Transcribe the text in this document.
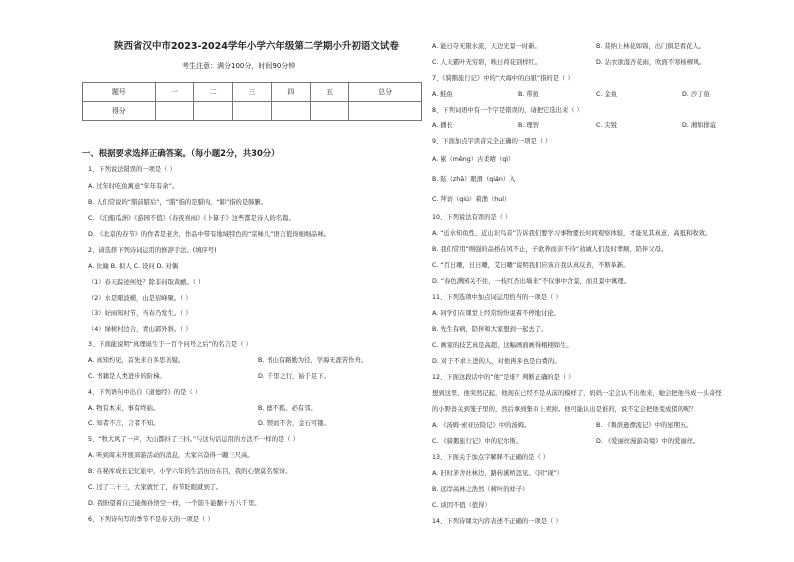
陕西省汉中市2023-2024学年小学六年级第二学期小升初语文试卷
考生注意：满分100分，时间90分钟
题号	一	二	三	四	五	总分
得分						
一、根据要求选择正确答案。（每小题2分，共30分）
1、下列说法错误的一项是（ ）
A. 过年时吃鱼寓意“年年有余”。
B. 人们常说的“腊前腊后”，“腊”指的是腊肉，“肺”指的是肺腑。
C. 《泊船瓜洲》《游园不值》《春夜喜雨》《卜算子》这些都是诗人的名篇。
D. 《北京的春节》的作者是老舍，作品中带有地域特色的“京味儿”语言值得细细品味。
2、请选择下列诗词运用的修辞手法。(填序号)
A. 比喻 B. 拟人 C. 设问 D. 对偶
（1）春天踪迹何处？除非问取黄鹂。（ ）
（2）水是眼波横，山是眉峰聚。（ ）
（3）好雨知时节，当春乃发生。（ ）
（4）绿树村边合，青山郭外斜。（ ）
3、下面能说明“真理诞生于一百个问号之后”的名言是（ ）
A. 真知灼见，首先来自多思善疑。	B. 书山有路勤为径，学海无涯苦作舟。
C. 书籍是人类进步的阶梯。	D. 千里之行，始于足下。
4、下列语句中出自《道德经》的是（ ）
A. 物有本末，事有终始。	B. 德不孤，必有邻。
C. 知者不言，言者不知。	D. 锲而不舍，金石可镂。
5、“牧大风了一声，大山都抖了三抖。”与这句话运用的方法不一样的是（ ）
A. 听到周末开展郊游活动的消息，大家兴奋得一蹦三尺高。
B. 在秘库成长记忆旅中，小学六年的生活历历在目，我的心情莫名惊讶。
C. 过了二十三，大家就忙了，春节眨眼就到了。
D. 我盼望着自己能像孙悟空一样，一个筋斗能翻十万八千里。
6、下列诗句写的季节不是春天的一项是（ ）
A. 能日夺无限水流，天边光景一时新。	B. 昔纳上林花如锦，出门俱是看花人。
C. 人天霸叶无穷碧，映日荷花别样红。	D. 沾衣欲湿杏花雨，吹面不寒杨柳风。
7、《骑鹅旅行记》中的“大海中的白银”指的是（ ）
A. 鲑鱼	B. 带鱼	C. 金鱼	D. 沙丁鱼
8、下列词语中有一个字是错误的，请把它选出来（ ）
A. 播长	B. 理智	C. 尖锐	D. 湘如排谊
9、下面加点字读音完全正确的一项是（ ）
A. 累（měng）古柔晴（qì）
B. 眩（zhā）眼滑（qián）入
C. 拜访（qiú）着渔（huí）
10、下列说法有误的是（ ）
A. “近水知鱼性，近山识鸟音”告诉我们要学习事物要长时间观察体验，才能见其真意、高抵和收效。
B. 我们常用“刚强的品格在风不止，子欲养而亲不待”劝诫人们及时孝顺，陪伴父母。
C. “百日雕，日日雕，艾日雕”说明我们应该自我认真反省，不断革新。
D. “春色满园关不住，一枝红杏出墙来”不仅事中含景，而且景中寓理。
11、下列选项中加点词运用恰当的一项是（ ）
A. 同学们在课堂上经常纷纷说着不停地讨论。
B. 先生有病，陪伴和大家想到一起去了。
C. 画家的技艺真是高超，这幅画面画得栩栩如生。
D. 对于不求上进的人，对他再多也是白费的。
12、下面这段话中的“他”是谁？判断正确的是（ ）
想到这里，他突然记起，他现在已经不是从前的模样了，妈妈一定会认不出他来，她会把他当成一头奇怪
的小野兽关到笼子里的，然后拿到集市上卖掉。他可能认出是谁的，说不定会把他变成猪的呢？
A. 《汤姆·索亚历险记》中的汤姆。	B. 《鲁滨逊漂流记》中的星期五。
C. 《骑鹅旅行记》中的尼尔斯。	D. 《爱丽丝漫游奇境》中的爱丽丝。
13、下面关于加点字解释不正确的是（ ）
A. 旧时茅舍社林边，路转溪桥忽见。（同“现”）
B. 远岸高林之浩然（树叶的样子）
C. 谈因不值（值得）
14、下列诗课文内容表述不正确的一项是（ ）
